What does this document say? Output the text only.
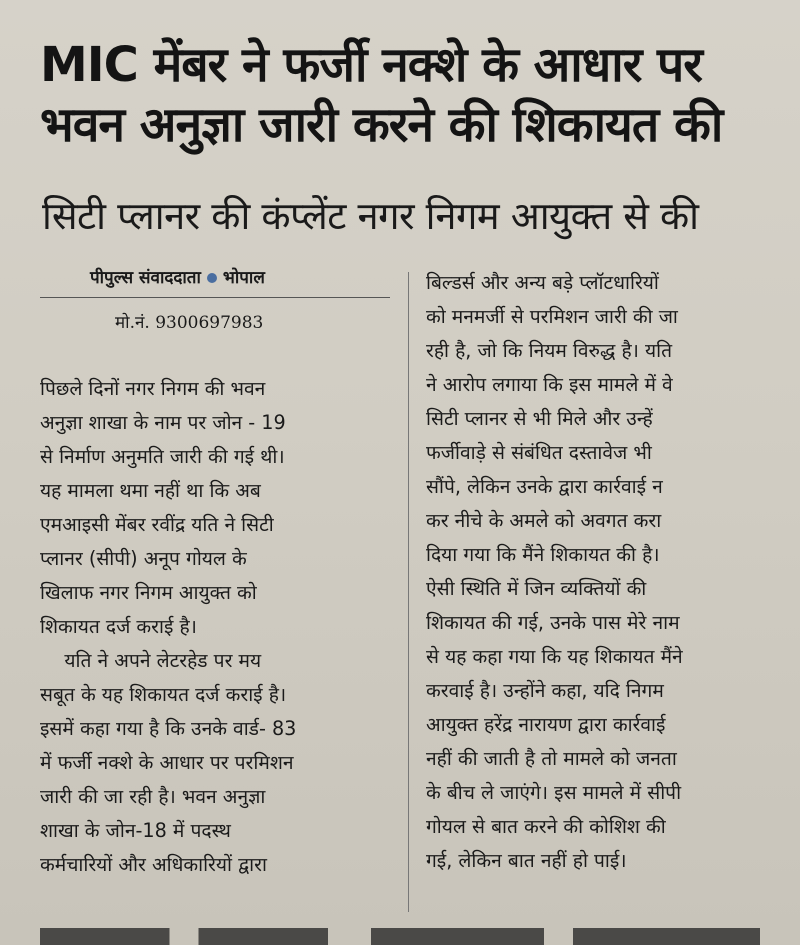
MIC मेंबर ने फर्जी नक्शे के आधार पर
भवन अनुज्ञा जारी करने की शिकायत की
सिटी प्लानर की कंप्लेंट नगर निगम आयुक्त से की
पीपुल्स संवाददाता भोपाल
मो.नं. 9300697983
पिछले दिनों नगर निगम की भवन
अनुज्ञा शाखा के नाम पर जोन - 19
से निर्माण अनुमति जारी की गई थी।
यह मामला थमा नहीं था कि अब
एमआइसी मेंबर रवींद्र यति ने सिटी
प्लानर (सीपी) अनूप गोयल के
खिलाफ नगर निगम आयुक्त को
शिकायत दर्ज कराई है।
यति ने अपने लेटरहेड पर मय
सबूत के यह शिकायत दर्ज कराई है।
इसमें कहा गया है कि उनके वार्ड- 83
में फर्जी नक्शे के आधार पर परमिशन
जारी की जा रही है। भवन अनुज्ञा
शाखा के जोन-18 में पदस्थ
कर्मचारियों और अधिकारियों द्वारा
बिल्डर्स और अन्य बड़े प्लॉटधारियों
को मनमर्जी से परमिशन जारी की जा
रही है, जो कि नियम विरुद्ध है। यति
ने आरोप लगाया कि इस मामले में वे
सिटी प्लानर से भी मिले और उन्हें
फर्जीवाड़े से संबंधित दस्तावेज भी
सौंपे, लेकिन उनके द्वारा कार्रवाई न
कर नीचे के अमले को अवगत करा
दिया गया कि मैंने शिकायत की है।
ऐसी स्थिति में जिन व्यक्तियों की
शिकायत की गई, उनके पास मेरे नाम
से यह कहा गया कि यह शिकायत मैंने
करवाई है। उन्होंने कहा, यदि निगम
आयुक्त हरेंद्र नारायण द्वारा कार्रवाई
नहीं की जाती है तो मामले को जनता
के बीच ले जाएंगे। इस मामले में सीपी
गोयल से बात करने की कोशिश की
गई, लेकिन बात नहीं हो पाई।
